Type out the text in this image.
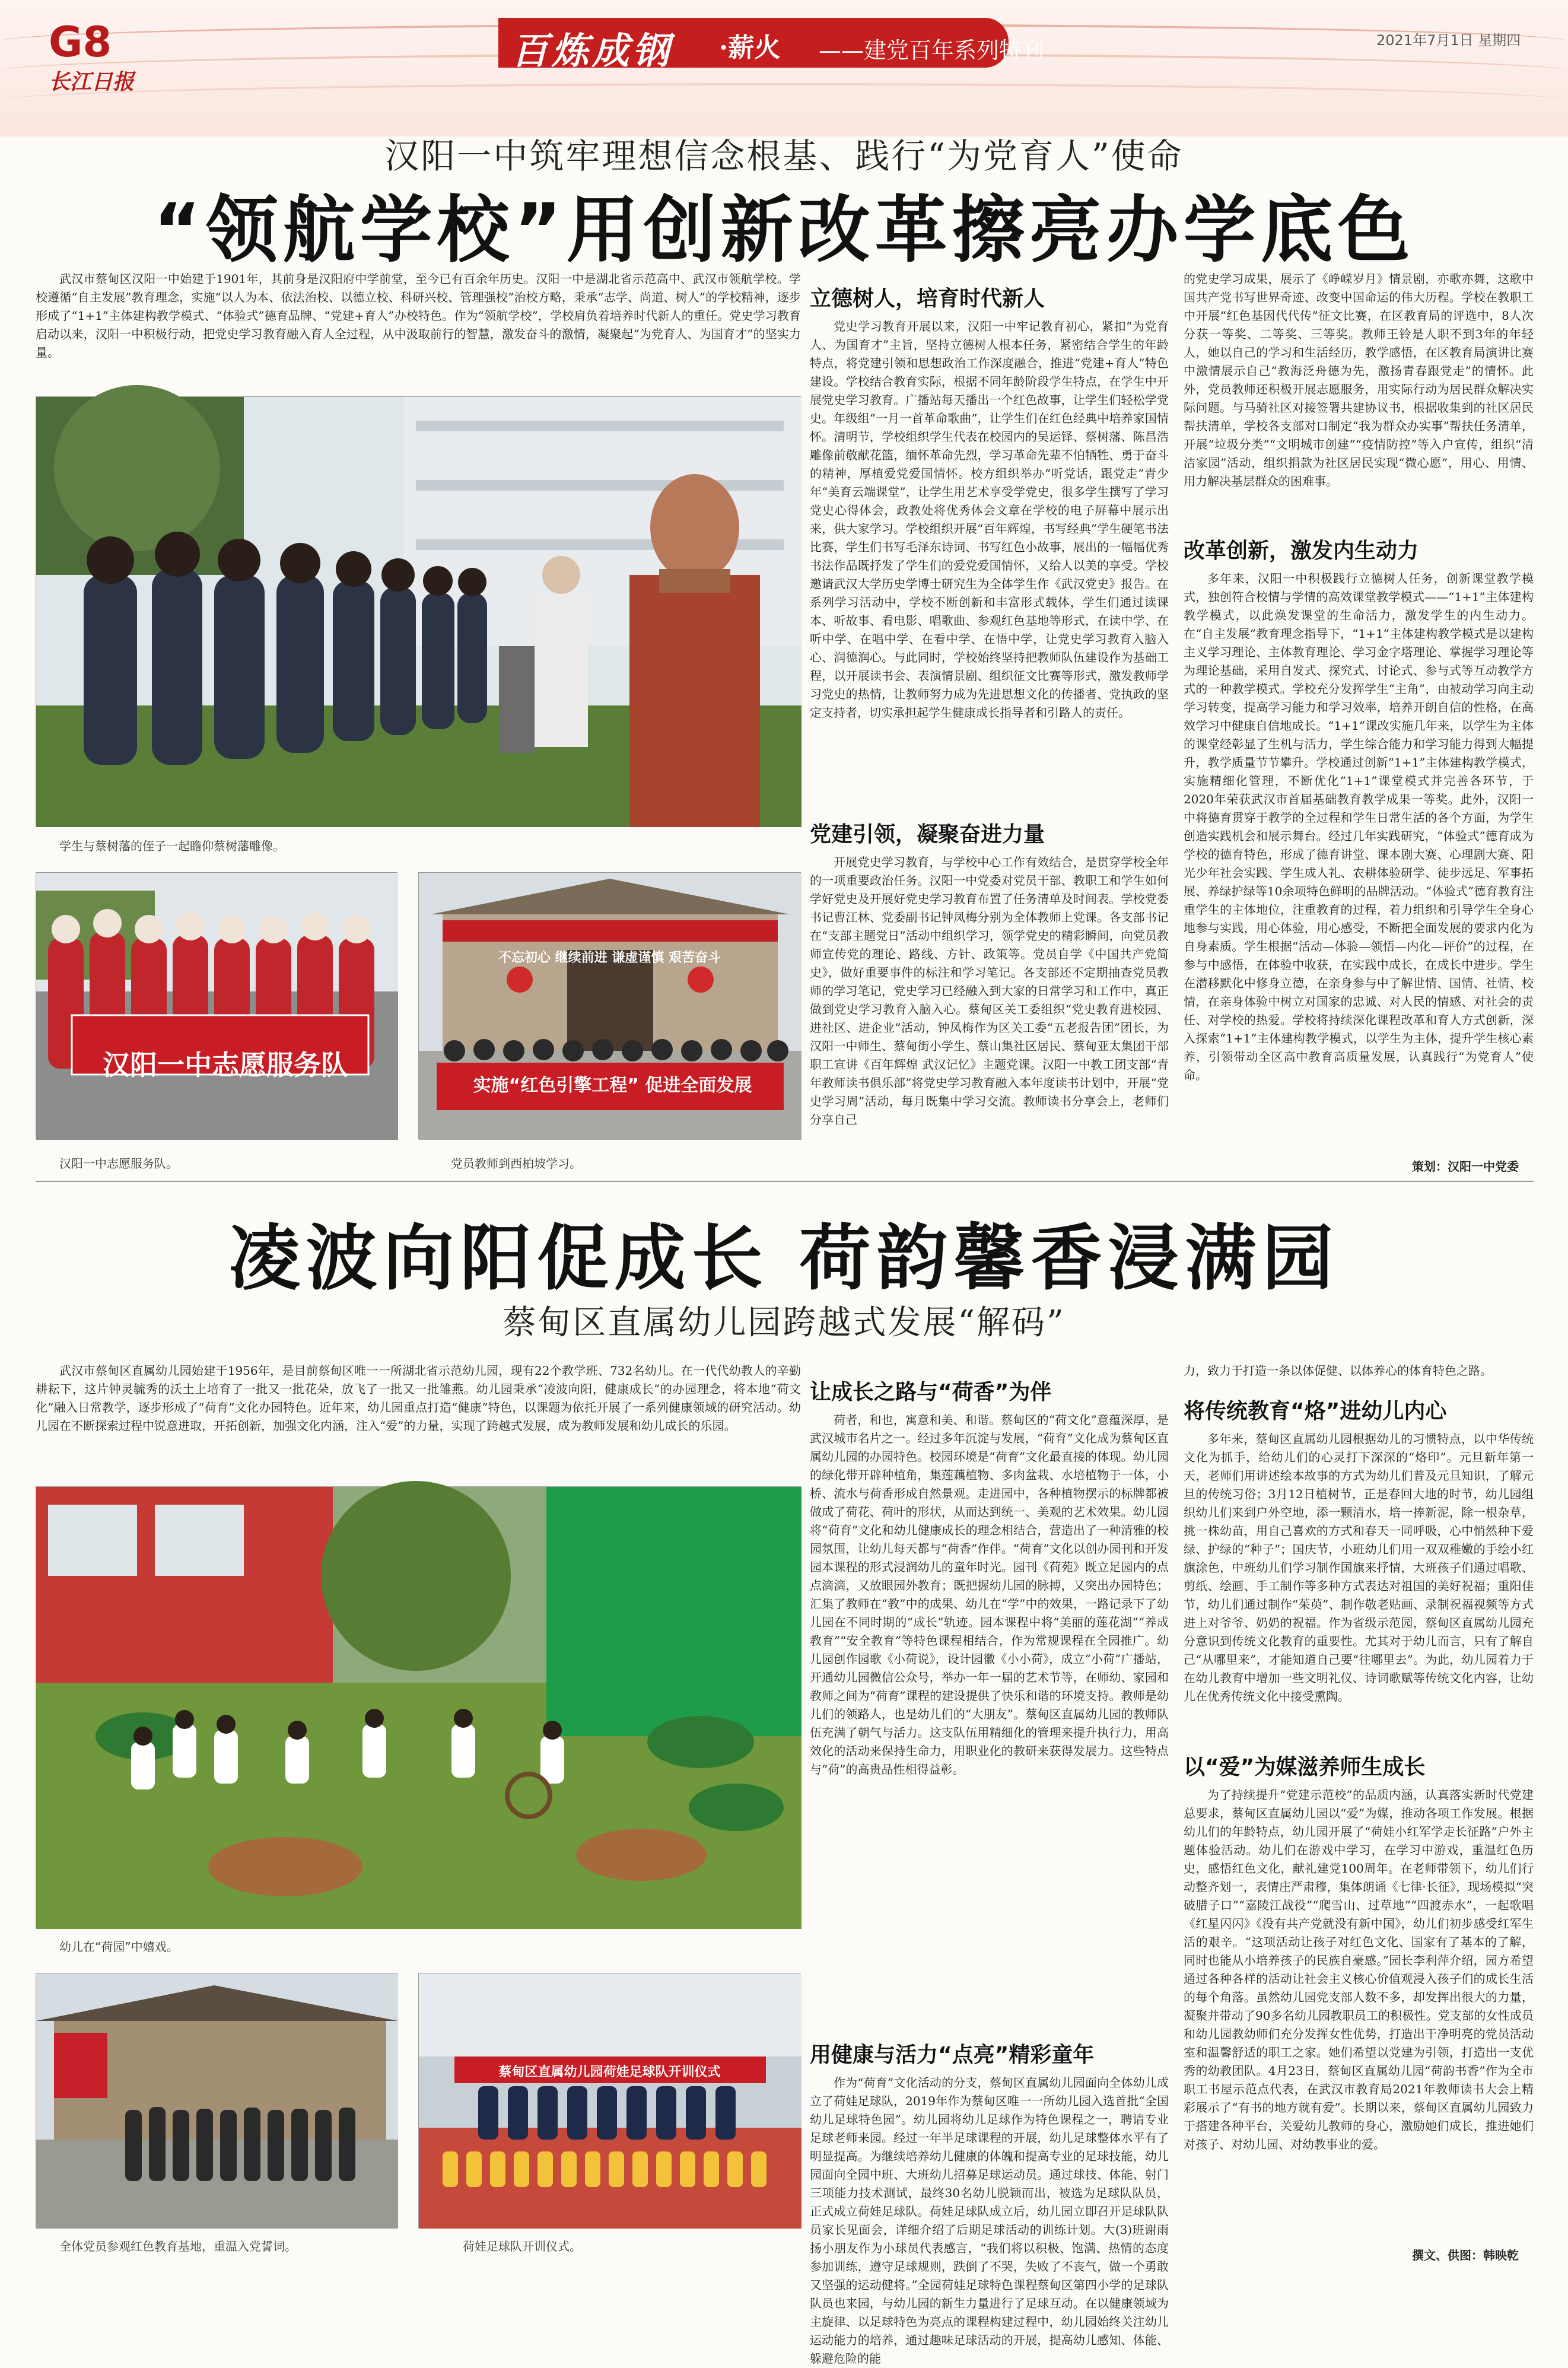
G8
长江日报
百炼成钢 ·薪火 ——建党百年系列特刊	2021年7月1日 星期四
汉阳一中筑牢理想信念根基、践行“为党育人”使命
“领航学校”用创新改革擦亮办学底色
武汉市蔡甸区汉阳一中始建于1901年，其前身是汉阳府中学前堂，至今已有百余年历史。汉阳一中是湖北省示范高中、武汉市领航学校。学校遵循“自主发展”教育理念，实施“以人为本、依法治校、以德立校、科研兴校、管理强校”治校方略，秉承“志学、尚道、树人”的学校精神，逐步形成了“1+1”主体建构教学模式、“体验式”德育品牌、“党建+育人”办校特色。作为“领航学校”，学校肩负着培养时代新人的重任。党史学习教育启动以来，汉阳一中积极行动，把党史学习教育融入育人全过程，从中汲取前行的智慧，激发奋斗的激情，凝聚起“为党育人、为国育才”的坚实力量。
学生与蔡树藩的侄子一起瞻仰蔡树藩雕像。
汉阳一中志愿服务队
汉阳一中志愿服务队。
不忘初心 继续前进 谦虚谨慎 艰苦奋斗
实施“红色引擎工程” 促进全面发展
党员教师到西柏坡学习。
立德树人，培育时代新人
党史学习教育开展以来，汉阳一中牢记教育初心，紧扣“为党育人、为国育才”主旨，坚持立德树人根本任务，紧密结合学生的年龄特点，将党建引领和思想政治工作深度融合，推进“党建+育人”特色建设。学校结合教育实际，根据不同年龄阶段学生特点，在学生中开展党史学习教育。广播站每天播出一个红色故事，让学生们轻松学党史。年级组“一月一首革命歌曲”，让学生们在红色经典中培养家国情怀。清明节，学校组织学生代表在校园内的吴运铎、蔡树藩、陈昌浩雕像前敬献花篮，缅怀革命先烈，学习革命先辈不怕牺牲、勇于奋斗的精神，厚植爱党爱国情怀。校方组织举办“听党话，跟党走”青少年“美育云端课堂”，让学生用艺术享受学党史，很多学生撰写了学习党史心得体会，政教处将优秀体会文章在学校的电子屏幕中展示出来，供大家学习。学校组织开展“百年辉煌，书写经典”学生硬笔书法比赛，学生们书写毛泽东诗词、书写红色小故事，展出的一幅幅优秀书法作品既抒发了学生们的爱党爱国情怀，又给人以美的享受。学校邀请武汉大学历史学博士研究生为全体学生作《武汉党史》报告。在系列学习活动中，学校不断创新和丰富形式载体，学生们通过读课本、听故事、看电影、唱歌曲、参观红色基地等形式，在读中学、在听中学、在唱中学、在看中学、在悟中学，让党史学习教育入脑入心、润德润心。与此同时，学校始终坚持把教师队伍建设作为基础工程，以开展读书会、表演情景剧、组织征文比赛等形式，激发教师学习党史的热情，让教师努力成为先进思想文化的传播者、党执政的坚定支持者，切实承担起学生健康成长指导者和引路人的责任。
党建引领，凝聚奋进力量
开展党史学习教育，与学校中心工作有效结合，是贯穿学校全年的一项重要政治任务。汉阳一中党委对党员干部、教职工和学生如何学好党史及开展好党史学习教育布置了任务清单及时间表。学校党委书记曹江林、党委副书记钟凤梅分别为全体教师上党课。各支部书记在“支部主题党日”活动中组织学习，领学党史的精彩瞬间，向党员教师宣传党的理论、路线、方针、政策等。党员自学《中国共产党简史》，做好重要事件的标注和学习笔记。各支部还不定期抽查党员教师的学习笔记，党史学习已经融入到大家的日常学习和工作中，真正做到党史学习教育入脑入心。蔡甸区关工委组织“党史教育进校园、进社区、进企业”活动，钟凤梅作为区关工委“五老报告团”团长，为汉阳一中师生、蔡甸街小学生、蔡山集社区居民、蔡甸亚太集团干部职工宣讲《百年辉煌 武汉记忆》主题党课。汉阳一中教工团支部“青年教师读书俱乐部”将党史学习教育融入本年度读书计划中，开展“党史学习周”活动，每月既集中学习交流。教师读书分享会上，老师们分享自己
的党史学习成果，展示了《峥嵘岁月》情景剧，亦歌亦舞，这歌中国共产党书写世界奇迹、改变中国命运的伟大历程。学校在教职工中开展“红色基因代代传”征文比赛，在区教育局的评选中，8人次分获一等奖、二等奖、三等奖。教师王铃是人职不到3年的年轻人，她以自己的学习和生活经历，教学感悟，在区教育局演讲比赛中激情展示自己“教海泛舟德为先，激扬青春跟党走”的情怀。此外，党员教师还积极开展志愿服务，用实际行动为居民群众解决实际问题。与马骑社区对接签署共建协议书，根据收集到的社区居民帮扶清单，学校各支部对口制定“我为群众办实事”帮扶任务清单，开展“垃圾分类”“文明城市创建”“疫情防控”等入户宣传，组织“清洁家园”活动，组织捐款为社区居民实现“微心愿”，用心、用情、用力解决基层群众的困难事。
改革创新，激发内生动力
多年来，汉阳一中积极践行立德树人任务，创新课堂教学模式，独创符合校情与学情的高效课堂教学模式——“1+1”主体建构教学模式，以此焕发课堂的生命活力，激发学生的内生动力。在“自主发展”教育理念指导下，“1+1”主体建构教学模式是以建构主义学习理论、主体教育理论、学习金字塔理论、掌握学习理论等为理论基础，采用自发式、探究式、讨论式、参与式等互动教学方式的一种教学模式。学校充分发挥学生“主角”，由被动学习向主动学习转变，提高学习能力和学习效率，培养开朗自信的性格，在高效学习中健康自信地成长。“1+1”课改实施几年来，以学生为主体的课堂经彰显了生机与活力，学生综合能力和学习能力得到大幅提升，教学质量节节攀升。学校通过创新“1+1”主体建构教学模式，实施精细化管理，不断优化“1+1”课堂模式并完善各环节，于2020年荣获武汉市首届基础教育教学成果一等奖。此外，汉阳一中将德育贯穿于教学的全过程和学生日常生活的各个方面，为学生创造实践机会和展示舞台。经过几年实践研究，“体验式”德育成为学校的德育特色，形成了德育讲堂、课本剧大赛、心理剧大赛、阳光少年社会实践、学生成人礼、农耕体验研学、徒步远足、军事拓展、养绿护绿等10余项特色鲜明的品牌活动。“体验式”德育教育注重学生的主体地位，注重教育的过程，着力组织和引导学生全身心地参与实践，用心体验，用心感受，不断把全面发展的要求内化为自身素质。学生根据“活动—体验—领悟—内化—评价”的过程，在参与中感悟，在体验中收获，在实践中成长，在成长中进步。学生在潜移默化中修身立德，在亲身参与中了解世情、国情、社情、校情，在亲身体验中树立对国家的忠诚、对人民的情感、对社会的责任、对学校的热爱。学校将持续深化课程改革和育人方式创新，深入探索“1+1”主体建构教学模式，以学生为主体，提升学生核心素养，引领带动全区高中教育高质量发展，认真践行“为党育人”使命。
策划：汉阳一中党委
凌波向阳促成长 荷韵馨香浸满园
蔡甸区直属幼儿园跨越式发展“解码”
武汉市蔡甸区直属幼儿园始建于1956年，是目前蔡甸区唯一一所湖北省示范幼儿园，现有22个教学班、732名幼儿。在一代代幼教人的辛勤耕耘下，这片钟灵毓秀的沃土上培育了一批又一批花朵，放飞了一批又一批雏燕。幼儿园秉承“凌波向阳，健康成长”的办园理念，将本地“荷文化”融入日常教学，逐步形成了“荷育”文化办园特色。近年来，幼儿园重点打造“健康”特色，以课题为依托开展了一系列健康领域的研究活动。幼儿园在不断探索过程中锐意进取，开拓创新，加强文化内涵，注入“爱”的力量，实现了跨越式发展，成为教师发展和幼儿成长的乐园。
幼儿在“荷园”中嬉戏。
全体党员参观红色教育基地，重温入党誓词。
蔡甸区直属幼儿园荷娃足球队开训仪式
荷娃足球队开训仪式。
让成长之路与“荷香”为伴
荷者，和也，寓意和美、和谐。蔡甸区的“荷文化”意蕴深厚，是武汉城市名片之一。经过多年沉淀与发展，“荷育”文化成为蔡甸区直属幼儿园的办园特色。校园环境是“荷育”文化最直接的体现。幼儿园的绿化带开辟种植角，集莲藕植物、多肉盆栽、水培植物于一体，小桥、流水与荷香形成自然景观。走进园中，各种植物摆示的标牌都被做成了荷花、荷叶的形状，从而达到统一、美观的艺术效果。幼儿园将“荷育”文化和幼儿健康成长的理念相结合，营造出了一种清雅的校园氛围，让幼儿每天都与“荷香”作伴。“荷育”文化以创办园刊和开发园本课程的形式浸润幼儿的童年时光。园刊《荷苑》既立足园内的点点滴滴，又放眼园外教育；既把握幼儿园的脉搏，又突出办园特色；汇集了教师在“教”中的成果、幼儿在“学”中的效果，一路记录下了幼儿园在不同时期的“成长”轨迹。园本课程中将“美丽的莲花湖”“养成教育”“安全教育”等特色课程相结合，作为常规课程在全园推广。幼儿园创作园歌《小荷说》，设计园徽《小小荷》，成立“小荷”广播站，开通幼儿园微信公众号，举办一年一届的艺术节等，在师幼、家园和教师之间为“荷育”课程的建设提供了快乐和谐的环境支持。教师是幼儿们的领路人，也是幼儿们的“大朋友”。蔡甸区直属幼儿园的教师队伍充满了朝气与活力。这支队伍用精细化的管理来提升执行力，用高效化的活动来保持生命力，用职业化的教研来获得发展力。这些特点与“荷”的高贵品性相得益彰。
用健康与活力“点亮”精彩童年
作为“荷育”文化活动的分支，蔡甸区直属幼儿园面向全体幼儿成立了荷娃足球队，2019年作为蔡甸区唯一一所幼儿园入选首批“全国幼儿足球特色园”。幼儿园将幼儿足球作为特色课程之一，聘请专业足球老师来园。经过一年半足球课程的开展，幼儿足球整体水平有了明显提高。为继续培养幼儿健康的体魄和提高专业的足球技能，幼儿园面向全园中班、大班幼儿招募足球运动员。通过球技、体能、射门三项能力技术测试，最终30名幼儿脱颖而出，被选为足球队队员，正式成立荷娃足球队。荷娃足球队成立后，幼儿园立即召开足球队队员家长见面会，详细介绍了后期足球活动的训练计划。大(3)班谢雨扬小朋友作为小球员代表感言，“我们将以积极、饱满、热情的态度参加训练，遵守足球规则，跌倒了不哭，失败了不丧气，做一个勇敢又坚强的运动健将。”全园荷娃足球特色课程蔡甸区第四小学的足球队队员也来园，与幼儿园的新生力量进行了足球互动。在以健康领域为主旋律、以足球特色为亮点的课程构建过程中，幼儿园始终关注幼儿运动能力的培养，通过趣味足球活动的开展，提高幼儿感知、体能、躲避危险的能
力，致力于打造一条以体促健、以体养心的体育特色之路。
将传统教育“烙”进幼儿内心
多年来，蔡甸区直属幼儿园根据幼儿的习惯特点，以中华传统文化为抓手，给幼儿们的心灵打下深深的“烙印”。元旦新年第一天，老师们用讲述绘本故事的方式为幼儿们普及元旦知识，了解元旦的传统习俗；3月12日植树节，正是春回大地的时节，幼儿园组织幼儿们来到户外空地，添一颗清水，培一捧新泥，除一根杂草，挑一株幼苗，用自己喜欢的方式和春天一同呼吸，心中悄然种下爱绿、护绿的“种子”；国庆节，小班幼儿们用一双双稚嫩的手绘小红旗涂色，中班幼儿们学习制作国旗来抒情，大班孩子们通过唱歌、剪纸、绘画、手工制作等多种方式表达对祖国的美好祝福；重阳佳节，幼儿们通过制作“茱萸”、制作敬老贴画、录制祝福视频等方式进上对爷爷、奶奶的祝福。作为省级示范园，蔡甸区直属幼儿园充分意识到传统文化教育的重要性。尤其对于幼儿而言，只有了解自己“从哪里来”，才能知道自己要“往哪里去”。为此，幼儿园着力于在幼儿教育中增加一些文明礼仪、诗词歌赋等传统文化内容，让幼儿在优秀传统文化中接受熏陶。
以“爱”为媒滋养师生成长
为了持续提升“党建示范校”的品质内涵，认真落实新时代党建总要求，蔡甸区直属幼儿园以“爱”为媒，推动各项工作发展。根据幼儿们的年龄特点，幼儿园开展了“荷娃小红军学走长征路”户外主题体验活动。幼儿们在游戏中学习，在学习中游戏，重温红色历史，感悟红色文化，献礼建党100周年。在老师带领下，幼儿们行动整齐划一，表情庄严肃穆，集体朗诵《七律·长征》，现场模拟“突破腊子口”“嘉陵江战役”“爬雪山、过草地”“四渡赤水”，一起歌唱《红星闪闪》《没有共产党就没有新中国》，幼儿们初步感受红军生活的艰辛。“这项活动让孩子对红色文化、国家有了基本的了解，同时也能从小培养孩子的民族自豪感。”园长李利萍介绍，园方希望通过各种各样的活动让社会主义核心价值观浸入孩子们的成长生活的每个角落。虽然幼儿园党支部人数不多，却发挥出很大的力量，凝聚并带动了90多名幼儿园教职员工的积极性。党支部的女性成员和幼儿园教幼师们充分发挥女性优势，打造出干净明亮的党员活动室和温馨舒适的职工之家。她们希望以党建为引领，打造出一支优秀的幼教团队。4月23日，蔡甸区直属幼儿园“荷韵书香”作为全市职工书屋示范点代表，在武汉市教育局2021年教师读书大会上精彩展示了“有书的地方就有爱”。长期以来，蔡甸区直属幼儿园致力于搭建各种平台，关爱幼儿教师的身心，激励她们成长，推进她们对孩子、对幼儿园、对幼教事业的爱。
撰文、供图：韩映乾
